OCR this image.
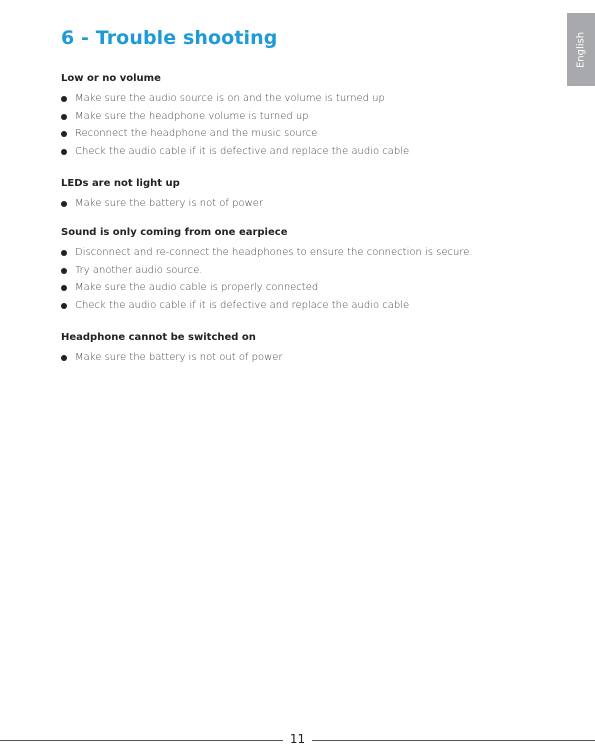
6 - Trouble shooting	English
Low or no volume
Make sure the audio source is on and the volume is turned up
Make sure the headphone volume is turned up
Reconnect the headphone and the music source
Check the audio cable if it is defective and replace the audio cable
LEDs are not light up
Make sure the battery is not of power
Sound is only coming from one earpiece
Disconnect and re-connect the headphones to ensure the connection is secure.
Try another audio source.
Make sure the audio cable is properly connected
Check the audio cable if it is defective and replace the audio cable
Headphone cannot be switched on
Make sure the battery is not out of power
11
